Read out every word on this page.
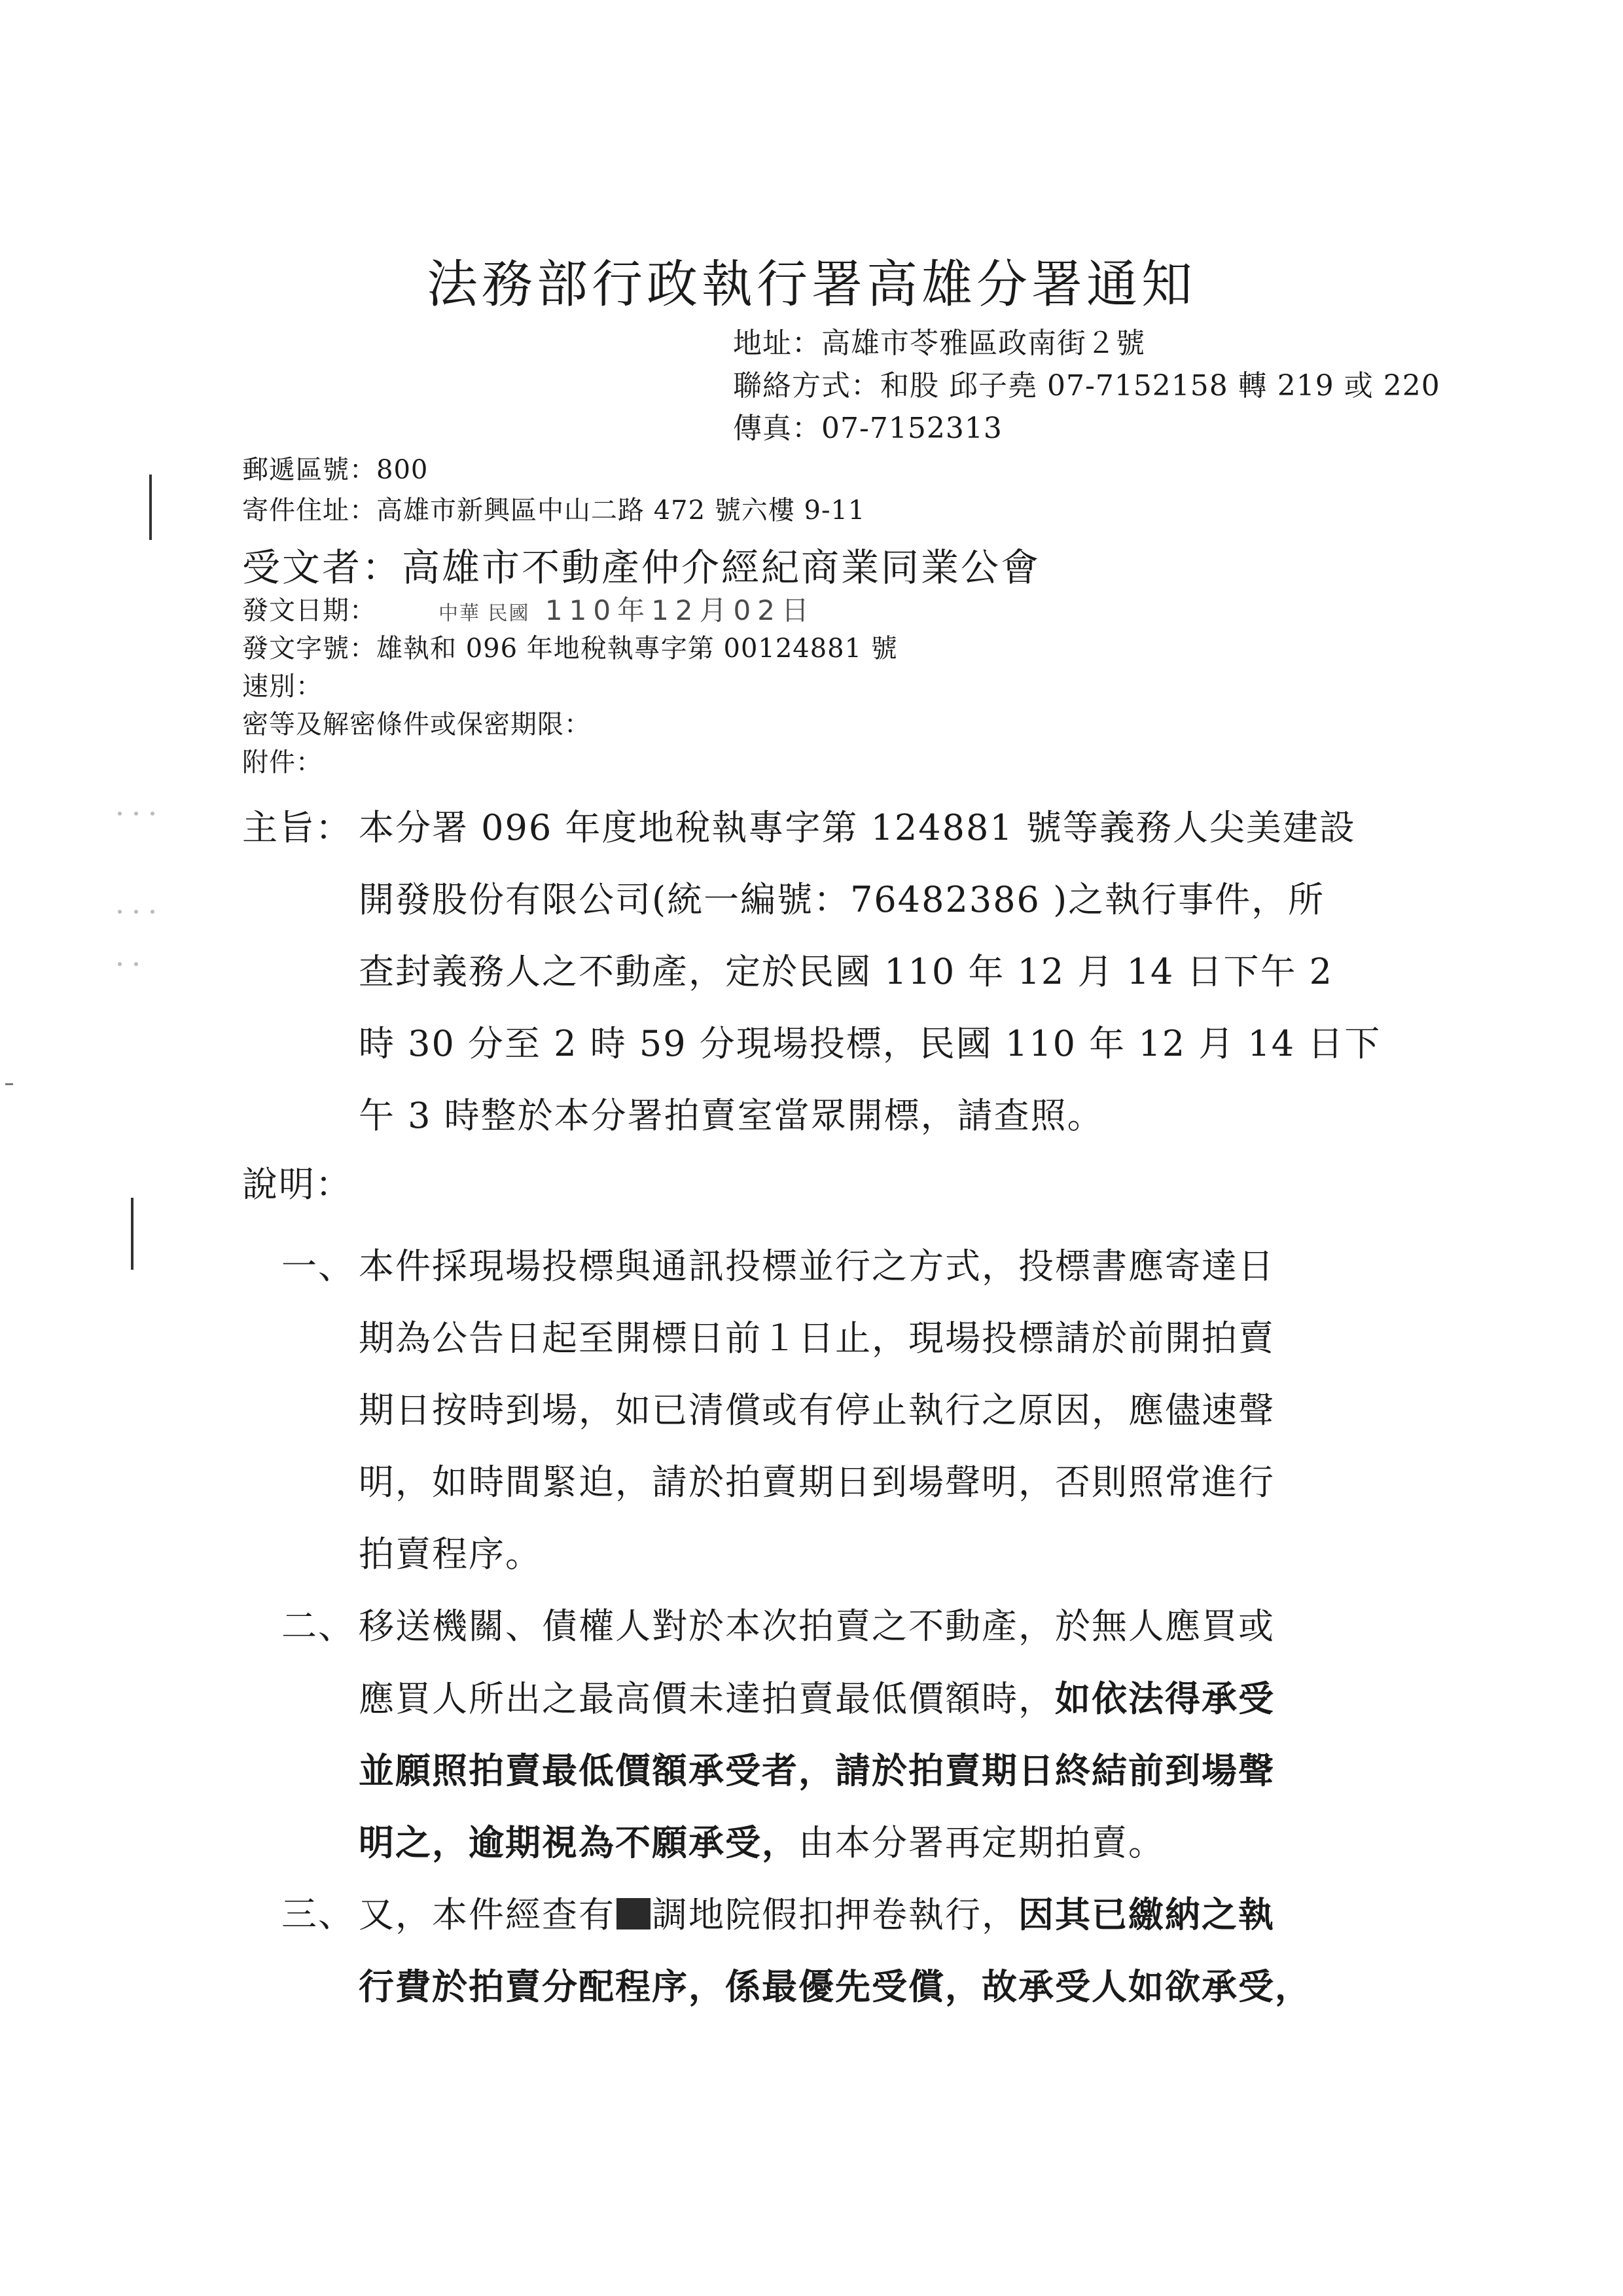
法務部行政執行署高雄分署通知
地址：高雄市苓雅區政南街２號
聯絡方式：和股 邱子堯 07-7152158 轉 219 或 220
傳真：07-7152313
郵遞區號：800
寄件住址：高雄市新興區中山二路 472 號六樓 9-11
受文者：高雄市不動產仲介經紀商業同業公會
發文日期：	中華 民國 110年12月02日
發文字號：雄執和 096 年地稅執專字第 00124881 號
速別：
密等及解密條件或保密期限：
附件：
主旨： 本分署 096 年度地稅執專字第 124881 號等義務人尖美建設
開發股份有限公司(統一編號：76482386 )之執行事件，所
查封義務人之不動產，定於民國 110 年 12 月 14 日下午 2
時 30 分至 2 時 59 分現場投標，民國 110 年 12 月 14 日下
午 3 時整於本分署拍賣室當眾開標，請查照。
說明：
一、 本件採現場投標與通訊投標並行之方式，投標書應寄達日
期為公告日起至開標日前１日止，現場投標請於前開拍賣
期日按時到場，如已清償或有停止執行之原因，應儘速聲
明，如時間緊迫，請於拍賣期日到場聲明，否則照常進行
拍賣程序。
二、 移送機關、債權人對於本次拍賣之不動產，於無人應買或
應買人所出之最高價未達拍賣最低價額時，如依法得承受
並願照拍賣最低價額承受者，請於拍賣期日終結前到場聲
明之，逾期視為不願承受，由本分署再定期拍賣。
三、 又，本件經查有 調地院假扣押卷執行，因其已繳納之執
行費於拍賣分配程序，係最優先受償，故承受人如欲承受，
